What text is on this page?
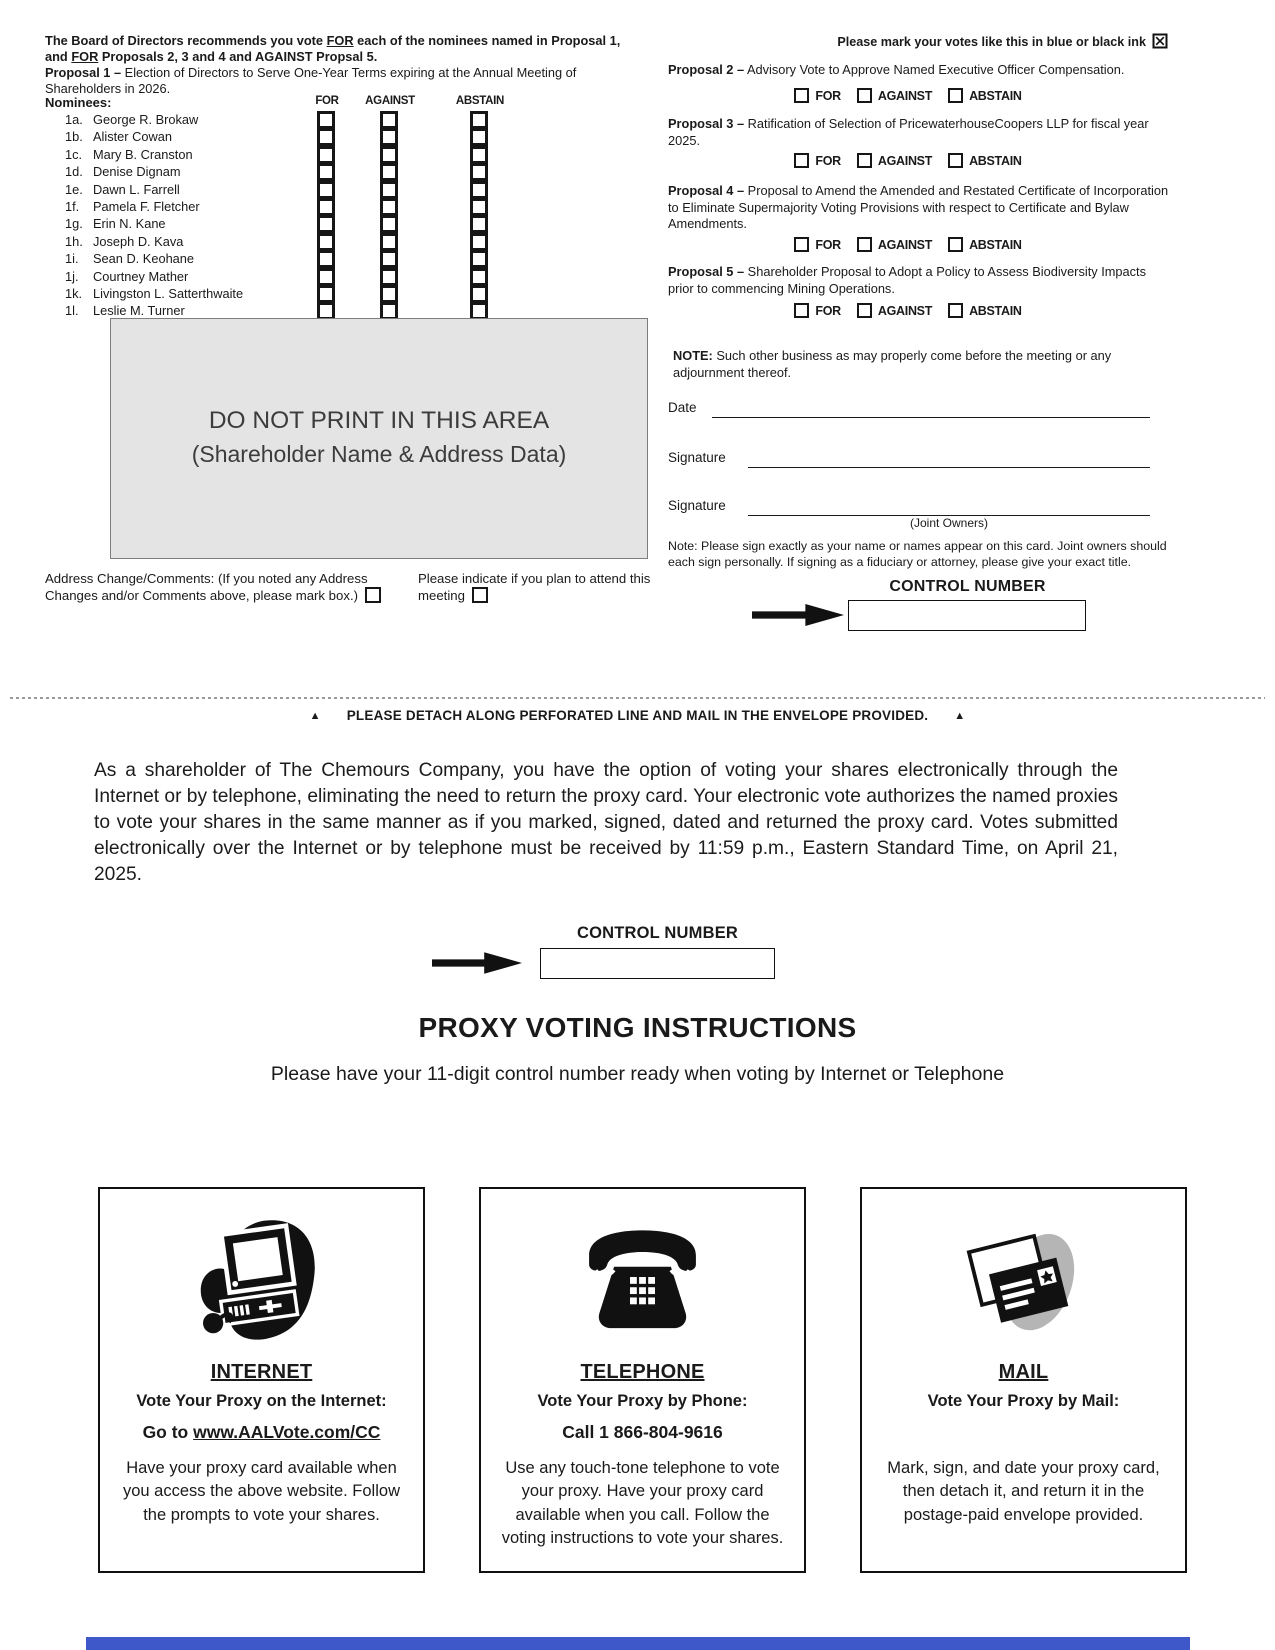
The Board of Directors recommends you vote FOR each of the nominees named in Proposal 1, and FOR Proposals 2, 3 and 4 and AGAINST Propsal 5.
Proposal 1 – Election of Directors to Serve One-Year Terms expiring at the Annual Meeting of Shareholders in 2026.
Nominees:	FOR	AGAINST	ABSTAIN
1a. George R. Brokaw
1b. Alister Cowan
1c. Mary B. Cranston
1d. Denise Dignam
1e. Dawn L. Farrell
1f. Pamela F. Fletcher
1g. Erin N. Kane
1h. Joseph D. Kava
1i. Sean D. Keohane
1j. Courtney Mather
1k. Livingston L. Satterthwaite
1l. Leslie M. Turner
DO NOT PRINT IN THIS AREA
(Shareholder Name & Address Data)
Address Change/Comments: (If you noted any Address Changes and/or Comments above, please mark box.)
Please indicate if you plan to attend this meeting
Please mark your votes like this in blue or black ink
Proposal 2 – Advisory Vote to Approve Named Executive Officer Compensation.
FOR	AGAINST	ABSTAIN
Proposal 3 – Ratification of Selection of PricewaterhouseCoopers LLP for fiscal year 2025.
FOR	AGAINST	ABSTAIN
Proposal 4 – Proposal to Amend the Amended and Restated Certificate of Incorporation to Eliminate Supermajority Voting Provisions with respect to Certificate and Bylaw Amendments.
FOR	AGAINST	ABSTAIN
Proposal 5 – Shareholder Proposal to Adopt a Policy to Assess Biodiversity Impacts prior to commencing Mining Operations.
FOR	AGAINST	ABSTAIN
NOTE: Such other business as may properly come before the meeting or any adjournment thereof.
Date
Signature
Signature
(Joint Owners)
Note: Please sign exactly as your name or names appear on this card. Joint owners should each sign personally. If signing as a fiduciary or attorney, please give your exact title.
CONTROL NUMBER
▲ PLEASE DETACH ALONG PERFORATED LINE AND MAIL IN THE ENVELOPE PROVIDED. ▲
As a shareholder of The Chemours Company, you have the option of voting your shares electronically through the Internet or by telephone, eliminating the need to return the proxy card. Your electronic vote authorizes the named proxies to vote your shares in the same manner as if you marked, signed, dated and returned the proxy card. Votes submitted electronically over the Internet or by telephone must be received by 11:59 p.m., Eastern Standard Time, on April 21, 2025.
CONTROL NUMBER
PROXY VOTING INSTRUCTIONS
Please have your 11-digit control number ready when voting by Internet or Telephone
INTERNET
Vote Your Proxy on the Internet:
Go to www.AALVote.com/CC
Have your proxy card available when you access the above website. Follow the prompts to vote your shares.
TELEPHONE
Vote Your Proxy by Phone:
Call 1 866-804-9616
Use any touch-tone telephone to vote your proxy. Have your proxy card available when you call. Follow the voting instructions to vote your shares.
MAIL
Vote Your Proxy by Mail:
Mark, sign, and date your proxy card, then detach it, and return it in the postage-paid envelope provided.
